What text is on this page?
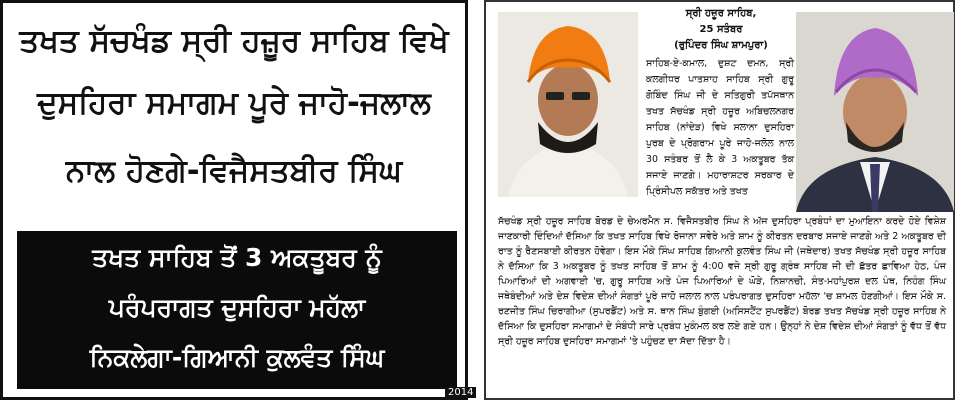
ਤਖਤ ਸੱਚਖੰਡ ਸ੍ਰੀ ਹਜ਼ੂਰ ਸਾਹਿਬ ਵਿਖੇ
ਦੁਸਹਿਰਾ ਸਮਾਗਮ ਪੂਰੇ ਜਾਹੋ-ਜਲਾਲ
ਨਾਲ ਹੋਣਗੇ-ਵਿਜੈਸਤਬੀਰ ਸਿੰਘ
ਤਖਤ ਸਾਹਿਬ ਤੋਂ 3 ਅਕਤੂਬਰ ਨੂੰ
ਪਰੰਪਰਾਗਤ ਦੁਸਹਿਰਾ ਮਹੱਲਾ
ਨਿਕਲੇਗਾ-ਗਿਆਨੀ ਕੁਲਵੰਤ ਸਿੰਘ
2014
ਸ੍ਰੀ ਹਜ਼ੂਰ ਸਾਹਿਬ,
25 ਸਤੰਬਰ
(ਰੁਪਿੰਦਰ ਸਿੰਘ ਸ਼ਾਮਪੁਰਾ)
ਸਾਹਿਬ-ਏ-ਕਮਾਲ, ਦੁਸ਼ਟ ਦਮਨ, ਸ੍ਰੀ ਕਲਗੀਧਰ ਪਾਤਸ਼ਾਹ ਸਾਹਿਬ ਸ੍ਰੀ ਗੁਰੂ ਗੋਬਿੰਦ ਸਿੰਘ ਜੀ ਦੇ ਸਤਿਗੁਰੀ ਤਪੱਸਥਾਨ ਤਖਤ ਸੱਚਖੰਡ ਸ੍ਰੀ ਹਜ਼ੂਰ ਅਬਿਚਲਨਗਰ ਸਾਹਿਬ (ਨਾਂਦੇੜ) ਵਿਖੇ ਸਲਾਨਾ ਦੁਸਹਿਰਾ ਪੁਰਬ ਦੇ ਪ੍ਰੋਗਰਾਮ ਪੂਰੇ ਜਾਹੋ-ਜਲੋਲ ਨਾਲ 30 ਸਤੰਬਰ ਤੋਂ ਲੈ ਕੇ 3 ਅਕਤੂਬਰ ਤੱਕ ਸਜਾਏ ਜਾਣਗੇ। ਮਹਾਰਾਸ਼ਟਰ ਸਰਕਾਰ ਦੇ ਪ੍ਰਿੰਸੀਪਲ ਸਕੱਤਰ ਅਤੇ ਤਖਤ
ਸੱਚਖੰਡ ਸ੍ਰੀ ਹਜ਼ੂਰ ਸਾਹਿਬ ਬੋਰਡ ਦੇ ਚੇਅਰਮੈਨ ਸ. ਵਿਜੈਸਤਬੀਰ ਸਿੰਘ ਨੇ ਅੱਜ ਦੁਸਹਿਰਾ ਪ੍ਰਬੰਧਾਂ ਦਾ ਮੁਆਇਨਾ ਕਰਦੇ ਹੋਏ ਵਿਸ਼ੇਸ਼ ਜਾਣਕਾਰੀ ਦਿੰਦਿਆਂ ਦੱਸਿਆ ਕਿ ਤਖਤ ਸਾਹਿਬ ਵਿਖੇ ਰੋਜਾਨਾ ਸਵੇਰੇ ਅਤੇ ਸ਼ਾਮ ਨੂੰ ਕੀਰਤਨ ਦਰਬਾਰ ਸਜਾਏ ਜਾਣਗੇ ਅਤੇ 2 ਅਕਤੂਬਰ ਦੀ ਰਾਤ ਨੂੰ ਰੈਣਸਬਾਈ ਕੀਰਤਨ ਹੋਵੇਗਾ। ਇਸ ਮੌਕੇ ਸਿੰਘ ਸਾਹਿਬ ਗਿਆਨੀ ਕੁਲਵੰਤ ਸਿੰਘ ਜੀ (ਜਥੇਦਾਰ) ਤਖਤ ਸੱਚਖੰਡ ਸ੍ਰੀ ਹਜ਼ੂਰ ਸਾਹਿਬ ਨੇ ਦੱਸਿਆ ਕਿ 3 ਅਕਤੂਬਰ ਨੂੰ ਤਖਤ ਸਾਹਿਬ ਤੋਂ ਸ਼ਾਮ ਨੂੰ 4:00 ਵਜੇ ਸ੍ਰੀ ਗੁਰੂ ਗ੍ਰੰਥ ਸਾਹਿਬ ਜੀ ਦੀ ਛੱਤਰ ਛਾਵਿਆ ਹੇਠ, ਪੰਜ ਪਿਆਰਿਆਂ ਦੀ ਅਗਵਾਈ 'ਚ, ਗੁਰੂ ਸਾਹਿਬ ਅਤੇ ਪੰਜ ਪਿਆਰਿਆਂ ਦੇ ਘੋੜੇ, ਨਿਸ਼ਾਨਚੀ, ਸੰਤ-ਮਹਾਂਪੁਰਸ਼ ਦਲ ਪੰਥ, ਨਿਹੰਗ ਸਿੰਘ ਜਥੇਬੰਦੀਆਂ ਅਤੇ ਦੇਸ਼ ਵਿਦੇਸ਼ ਦੀਆਂ ਸੰਗਤਾਂ ਪੂਰੇ ਜਾਹੋ ਜਲਾਲ ਨਾਲ ਪਰੰਪਰਾਗਤ ਦੁਸਹਿਰਾ ਮਹੱਲਾ 'ਚ ਸ਼ਾਮਲ ਹੋਣਗੀਆਂ। ਇਸ ਮੌਕੇ ਸ. ਰਣਜੀਤ ਸਿੰਘ ਚਿਰਾਗੀਆ (ਸੁਪਰਡੈਂਟ) ਅਤੇ ਸ. ਥਾਨ ਸਿੰਘ ਬੁੰਗਈ (ਅਸਿਸਟੈਂਟ ਸੁਪਰਡੈਂਟ) ਬੋਰਡ ਤਖਤ ਸੱਚਖੰਡ ਸ੍ਰੀ ਹਜ਼ੂਰ ਸਾਹਿਬ ਨੇ ਦੱਸਿਆ ਕਿ ਦੁਸਹਿਰਾ ਸਮਾਗਮਾਂ ਦੇ ਸੰਬੰਧੀ ਸਾਰੇ ਪ੍ਰਬੰਧ ਮੁਕੰਮਲ ਕਰ ਲਏ ਗਏ ਹਨ। ਉਨ੍ਹਾਂ ਨੇ ਦੇਸ਼ ਵਿਦੇਸ਼ ਦੀਆਂ ਸੰਗਤਾਂ ਨੂੰ ਵੱਧ ਤੋਂ ਵੱਧ ਸ੍ਰੀ ਹਜ਼ੂਰ ਸਾਹਿਬ ਦੁਸਹਿਰਾ ਸਮਾਗਮਾਂ 'ਤੇ ਪਹੁੰਚਣ ਦਾ ਸੱਦਾ ਦਿੱਤਾ ਹੈ।
